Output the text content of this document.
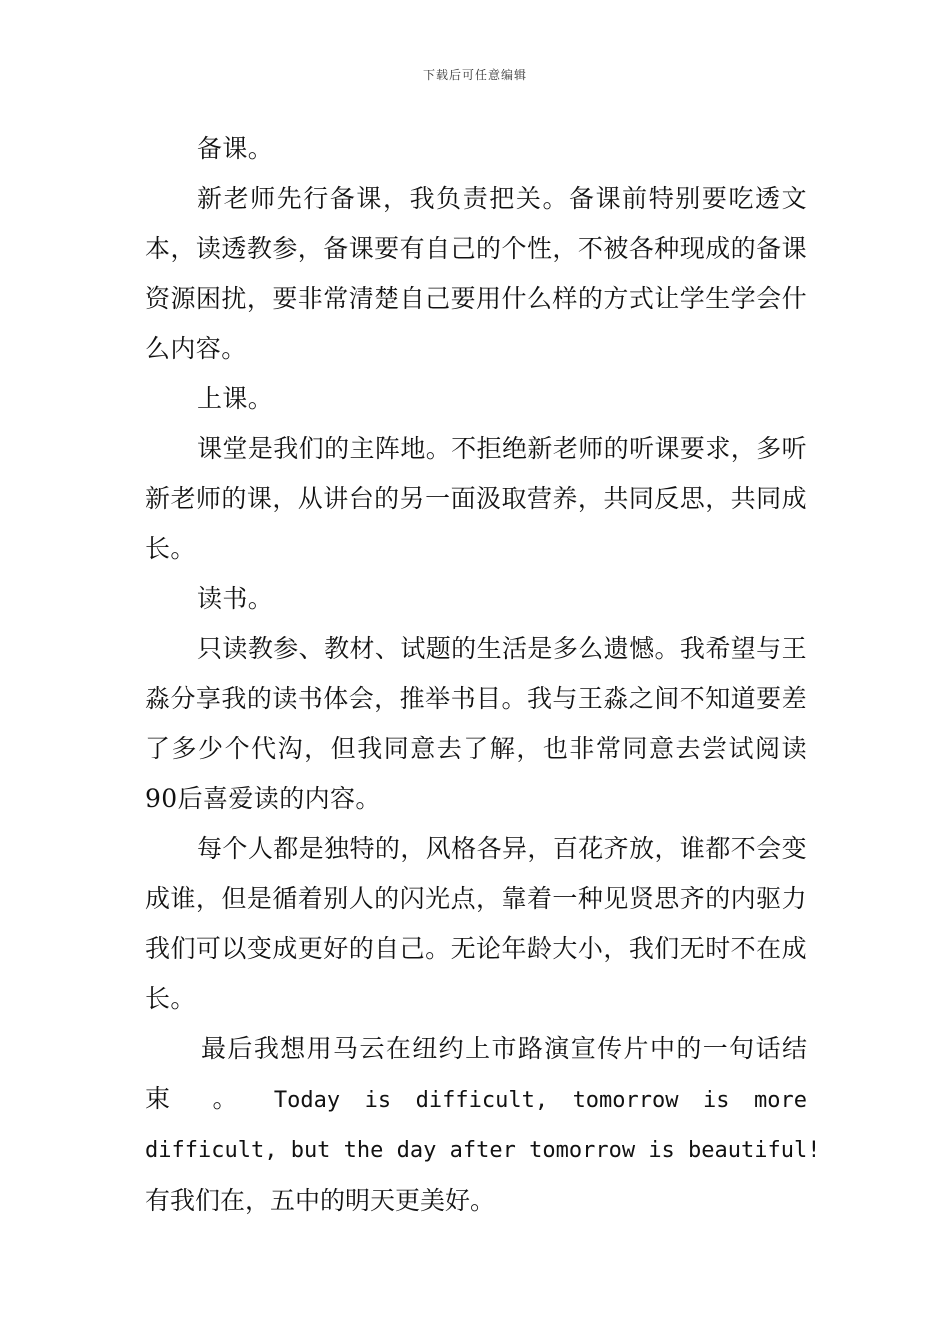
下载后可任意编辑

备课。

新老师先行备课，我负责把关。备课前特别要吃透文本，读透教参，备课要有自己的个性，不被各种现成的备课资源困扰，要非常清楚自己要用什么样的方式让学生学会什么内容。

上课。

课堂是我们的主阵地。不拒绝新老师的听课要求，多听新老师的课，从讲台的另一面汲取营养，共同反思，共同成长。

读书。

只读教参、教材、试题的生活是多么遗憾。我希望与王淼分享我的读书体会，推举书目。我与王淼之间不知道要差了多少个代沟，但我同意去了解，也非常同意去尝试阅读90后喜爱读的内容。

每个人都是独特的，风格各异，百花齐放，谁都不会变成谁，但是循着别人的闪光点，靠着一种见贤思齐的内驱力我们可以变成更好的自己。无论年龄大小，我们无时不在成长。

最后我想用马云在纽约上市路演宣传片中的一句话结
束 。 Today is difficult, tomorrow is more
difficult, but the day after tomorrow is beautiful!
有我们在，五中的明天更美好。
